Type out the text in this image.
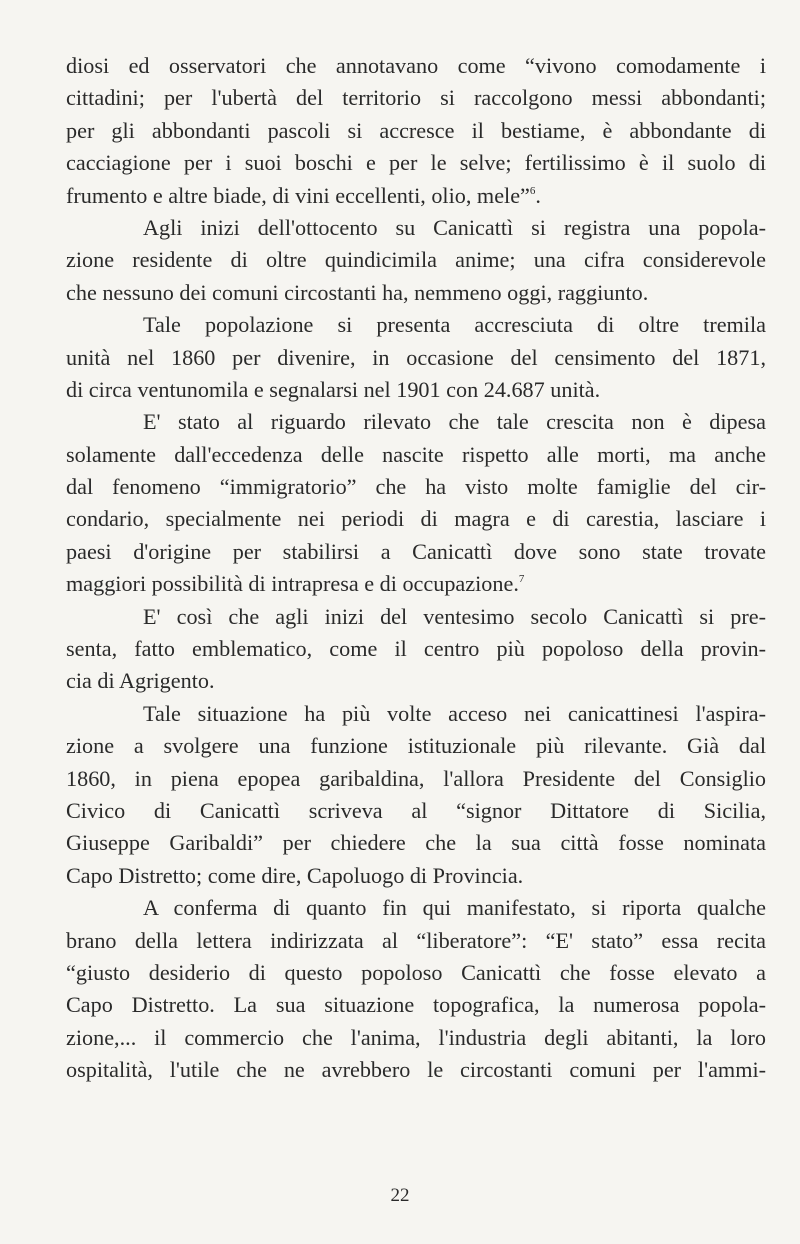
diosi ed osservatori che annotavano come “vivono comodamente i
cittadini; per l'ubertà del territorio si raccolgono messi abbondanti;
per gli abbondanti pascoli si accresce il bestiame, è abbondante di
cacciagione per i suoi boschi e per le selve; fertilissimo è il suolo di
frumento e altre biade, di vini eccellenti, olio, mele”$^6$.
Agli inizi dell'ottocento su Canicattì si registra una popola-
zione residente di oltre quindicimila anime; una cifra considerevole
che nessuno dei comuni circostanti ha, nemmeno oggi, raggiunto.
Tale popolazione si presenta accresciuta di oltre tremila
unità nel 1860 per divenire, in occasione del censimento del 1871,
di circa ventunomila e segnalarsi nel 1901 con 24.687 unità.
E' stato al riguardo rilevato che tale crescita non è dipesa
solamente dall'eccedenza delle nascite rispetto alle morti, ma anche
dal fenomeno “immigratorio” che ha visto molte famiglie del cir-
condario, specialmente nei periodi di magra e di carestia, lasciare i
paesi d'origine per stabilirsi a Canicattì dove sono state trovate
maggiori possibilità di intrapresa e di occupazione.$^7$
E' così che agli inizi del ventesimo secolo Canicattì si pre-
senta, fatto emblematico, come il centro più popoloso della provin-
cia di Agrigento.
Tale situazione ha più volte acceso nei canicattinesi l'aspira-
zione a svolgere una funzione istituzionale più rilevante. Già dal
1860, in piena epopea garibaldina, l'allora Presidente del Consiglio
Civico di Canicattì scriveva al “signor Dittatore di Sicilia,
Giuseppe Garibaldi” per chiedere che la sua città fosse nominata
Capo Distretto; come dire, Capoluogo di Provincia.
A conferma di quanto fin qui manifestato, si riporta qualche
brano della lettera indirizzata al “liberatore”: “E' stato” essa recita
“giusto desiderio di questo popoloso Canicattì che fosse elevato a
Capo Distretto. La sua situazione topografica, la numerosa popola-
zione,... il commercio che l'anima, l'industria degli abitanti, la loro
ospitalità, l'utile che ne avrebbero le circostanti comuni per l'ammi-
22
